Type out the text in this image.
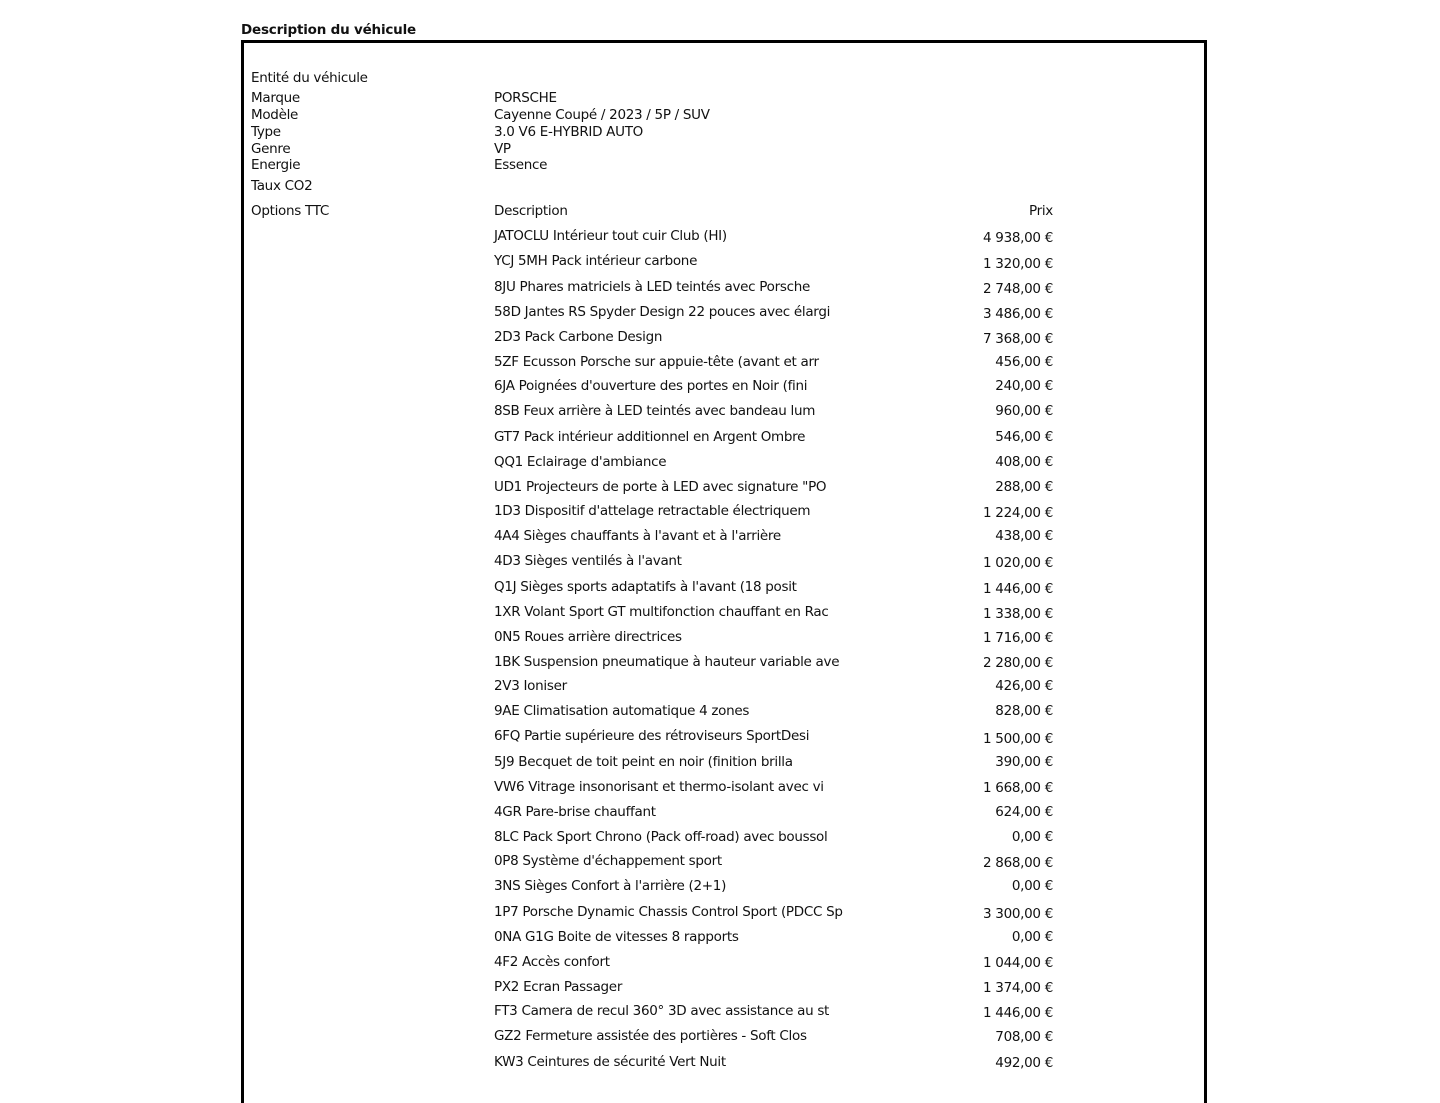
Description du véhicule
Entité du véhicule
Marque	PORSCHE
Modèle	Cayenne Coupé / 2023 / 5P / SUV
Type	3.0 V6 E-HYBRID AUTO
Genre	VP
Energie	Essence
Taux CO2
Options TTC	Description	Prix
JATOCLU Intérieur tout cuir Club (HI)	4 938,00 €
YCJ 5MH Pack intérieur carbone	1 320,00 €
8JU Phares matriciels à LED teintés avec Porsche	2 748,00 €
58D Jantes RS Spyder Design 22 pouces avec élargi	3 486,00 €
2D3 Pack Carbone Design	7 368,00 €
5ZF Ecusson Porsche sur appuie-tête (avant et arr	456,00 €
6JA Poignées d'ouverture des portes en Noir (fini	240,00 €
8SB Feux arrière à LED teintés avec bandeau lum	960,00 €
GT7 Pack intérieur additionnel en Argent Ombre	546,00 €
QQ1 Eclairage d'ambiance	408,00 €
UD1 Projecteurs de porte à LED avec signature "PO	288,00 €
1D3 Dispositif d'attelage retractable électriquem	1 224,00 €
4A4 Sièges chauffants à l'avant et à l'arrière	438,00 €
4D3 Sièges ventilés à l'avant	1 020,00 €
Q1J Sièges sports adaptatifs à l'avant (18 posit	1 446,00 €
1XR Volant Sport GT multifonction chauffant en Rac	1 338,00 €
0N5 Roues arrière directrices	1 716,00 €
1BK Suspension pneumatique à hauteur variable ave	2 280,00 €
2V3 Ioniser	426,00 €
9AE Climatisation automatique 4 zones	828,00 €
6FQ Partie supérieure des rétroviseurs SportDesi	1 500,00 €
5J9 Becquet de toit peint en noir (finition brilla	390,00 €
VW6 Vitrage insonorisant et thermo-isolant avec vi	1 668,00 €
4GR Pare-brise chauffant	624,00 €
8LC Pack Sport Chrono (Pack off-road) avec boussol	0,00 €
0P8 Système d'échappement sport	2 868,00 €
3NS Sièges Confort à l'arrière (2+1)	0,00 €
1P7 Porsche Dynamic Chassis Control Sport (PDCC Sp	3 300,00 €
0NA G1G Boite de vitesses 8 rapports	0,00 €
4F2 Accès confort	1 044,00 €
PX2 Ecran Passager	1 374,00 €
FT3 Camera de recul 360° 3D avec assistance au st	1 446,00 €
GZ2 Fermeture assistée des portières - Soft Clos	708,00 €
KW3 Ceintures de sécurité Vert Nuit	492,00 €
